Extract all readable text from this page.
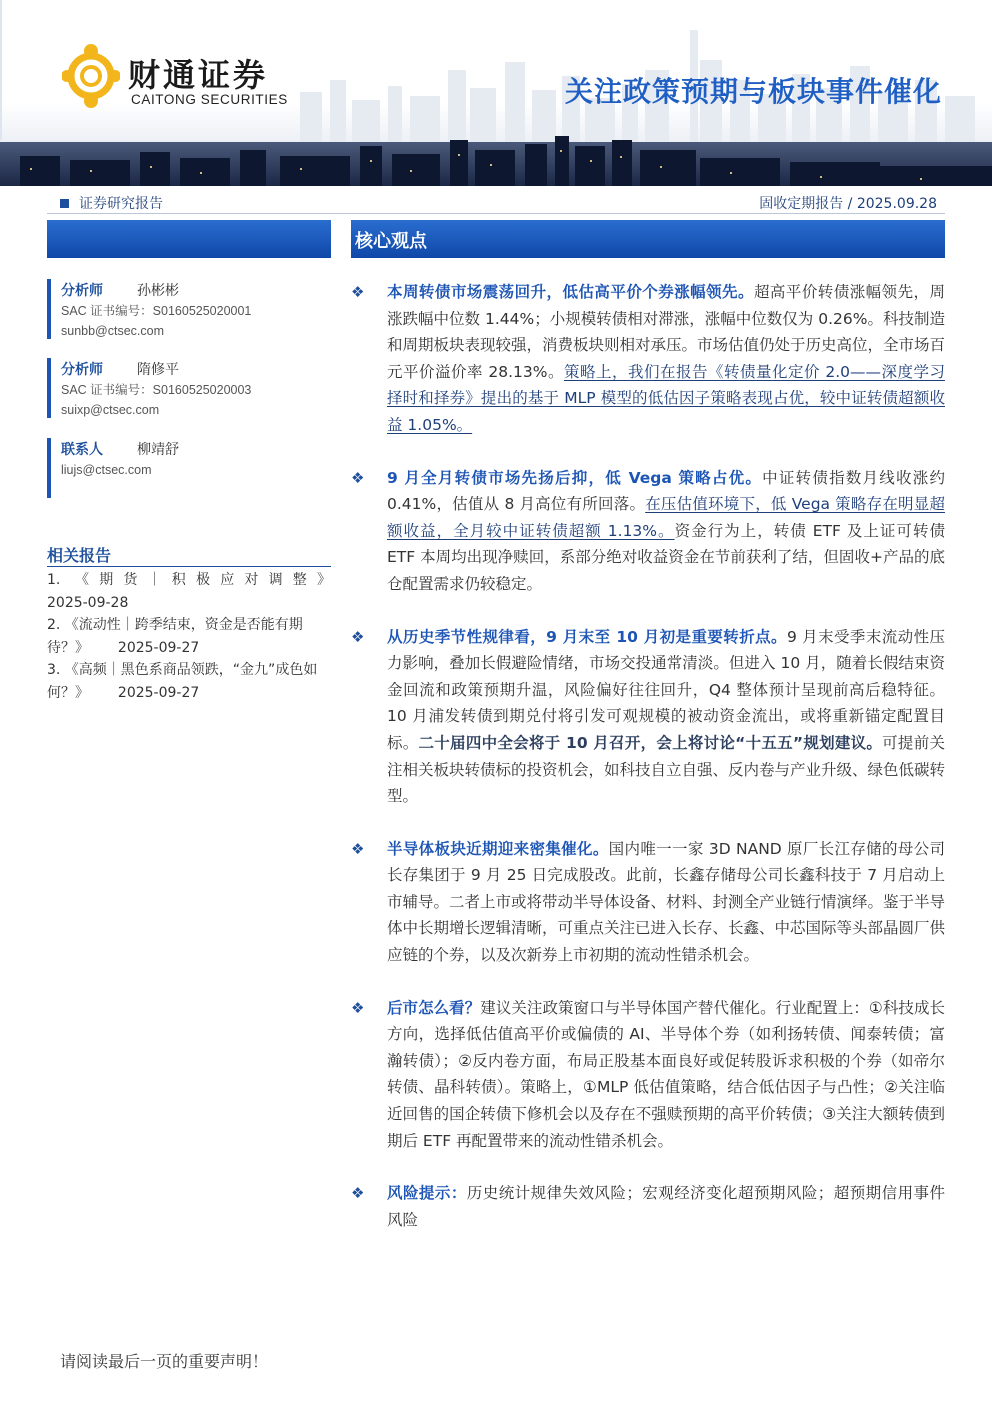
财通证券
CAITONG SECURITIES	关注政策预期与板块事件催化
证券研究报告	固收定期报告 / 2025.09.28
分析师	孙彬彬
SAC 证书编号：S0160525020001
sunbb@ctsec.com
分析师	隋修平
SAC 证书编号：S0160525020003
suixp@ctsec.com
联系人	柳靖舒
liujs@ctsec.com
相关报告
1. 《期货｜积极应对调整》
2025-09-28
2. 《流动性｜跨季结束，资金是否能有期待？》 2025-09-27
3. 《高频｜黑色系商品领跌，“金九”成色如何？》 2025-09-27
核心观点
❖ 本周转债市场震荡回升，低估高平价个券涨幅领先。超高平价转债涨幅领先，周涨跌幅中位数 1.44%；小规模转债相对滞涨，涨幅中位数仅为 0.26%。科技制造和周期板块表现较强，消费板块则相对承压。市场估值仍处于历史高位，全市场百元平价溢价率 28.13%。策略上，我们在报告《转债量化定价 2.0——深度学习择时和择券》提出的基于 MLP 模型的低估因子策略表现占优，较中证转债超额收益 1.05%。
❖ 9 月全月转债市场先扬后抑，低 Vega 策略占优。中证转债指数月线收涨约 0.41%，估值从 8 月高位有所回落。在压估值环境下，低 Vega 策略存在明显超额收益，全月较中证转债超额 1.13%。资金行为上，转债 ETF 及上证可转债 ETF 本周均出现净赎回，系部分绝对收益资金在节前获利了结，但固收+产品的底仓配置需求仍较稳定。
❖ 从历史季节性规律看，9 月末至 10 月初是重要转折点。9 月末受季末流动性压力影响，叠加长假避险情绪，市场交投通常清淡。但进入 10 月，随着长假结束资金回流和政策预期升温，风险偏好往往回升，Q4 整体预计呈现前高后稳特征。10 月浦发转债到期兑付将引发可观规模的被动资金流出，或将重新锚定配置目标。二十届四中全会将于 10 月召开，会上将讨论“十五五”规划建议。可提前关注相关板块转债标的投资机会，如科技自立自强、反内卷与产业升级、绿色低碳转型。
❖ 半导体板块近期迎来密集催化。国内唯一一家 3D NAND 原厂长江存储的母公司长存集团于 9 月 25 日完成股改。此前，长鑫存储母公司长鑫科技于 7 月启动上市辅导。二者上市或将带动半导体设备、材料、封测全产业链行情演绎。鉴于半导体中长期增长逻辑清晰，可重点关注已进入长存、长鑫、中芯国际等头部晶圆厂供应链的个券，以及次新券上市初期的流动性错杀机会。
❖ 后市怎么看？建议关注政策窗口与半导体国产替代催化。行业配置上：①科技成长方向，选择低估值高平价或偏债的 AI、半导体个券（如利扬转债、闻泰转债；富瀚转债）；②反内卷方面，布局正股基本面良好或促转股诉求积极的个券（如帝尔转债、晶科转债）。策略上，①MLP 低估值策略，结合低估因子与凸性；②关注临近回售的国企转债下修机会以及存在不强赎预期的高平价转债；③关注大额转债到期后 ETF 再配置带来的流动性错杀机会。
❖ 风险提示：历史统计规律失效风险；宏观经济变化超预期风险；超预期信用事件风险
请阅读最后一页的重要声明！
